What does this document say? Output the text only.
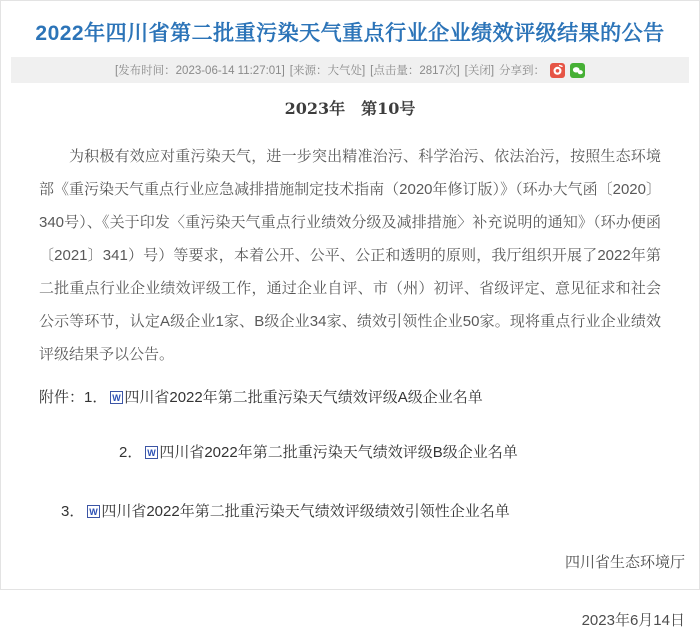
2022年四川省第二批重污染天气重点行业企业绩效评级结果的公告
[发布时间：2023-06-14 11:27:01] [来源：大气处] [点击量：2817次] [关闭] 分享到：
2023年　第10号

为积极有效应对重污染天气，进一步突出精准治污、科学治污、依法治污，按照生态环境部《重污染天气重点行业应急减排措施制定技术指南（2020年修订版）》（环办大气函〔2020〕340号）、《关于印发〈重污染天气重点行业绩效分级及减排措施〉补充说明的通知》（环办便函〔2021〕341）号）等要求，本着公开、公平、公正和透明的原则，我厅组织开展了2022年第二批重点行业企业绩效评级工作，通过企业自评、市（州）初评、省级评定、意见征求和社会公示等环节，认定A级企业1家、B级企业34家、绩效引领性企业50家。现将重点行业企业绩效评级结果予以公告。

附件：1． W 四川省2022年第二批重污染天气绩效评级A级企业名单
2． W 四川省2022年第二批重污染天气绩效评级B级企业名单
3． W 四川省2022年第二批重污染天气绩效评级绩效引领性企业名单
四川省生态环境厅
2023年6月14日
